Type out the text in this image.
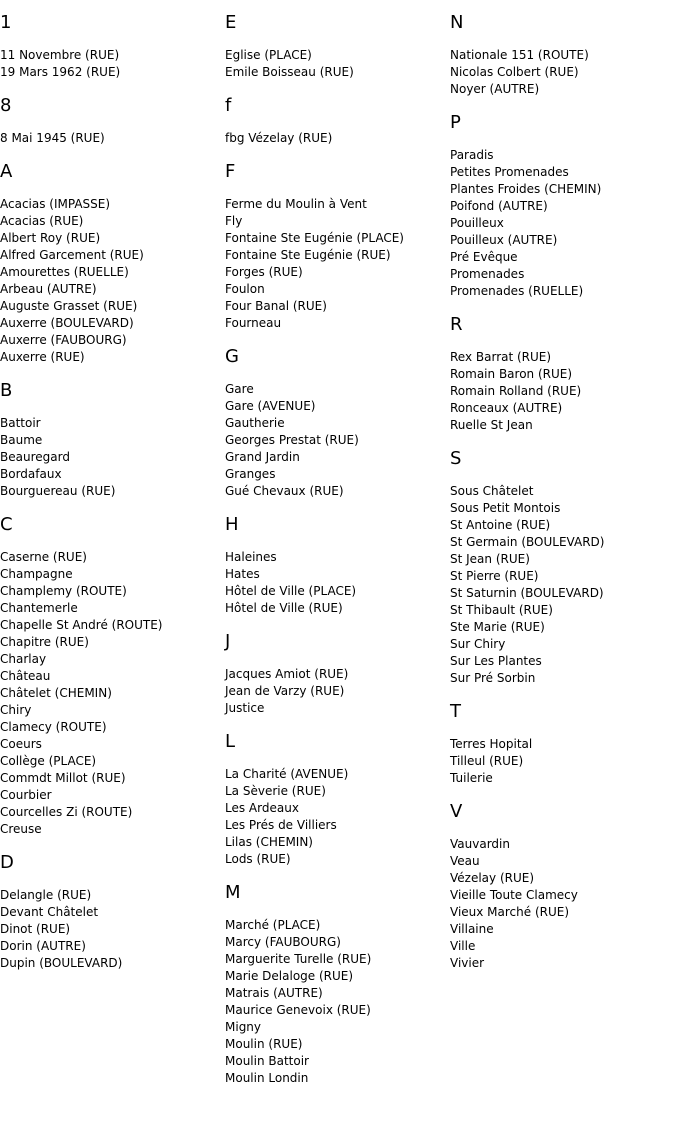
1
11 Novembre (RUE)
19 Mars 1962 (RUE)
8
8 Mai 1945 (RUE)
A
Acacias (IMPASSE)
Acacias (RUE)
Albert Roy (RUE)
Alfred Garcement (RUE)
Amourettes (RUELLE)
Arbeau (AUTRE)
Auguste Grasset (RUE)
Auxerre (BOULEVARD)
Auxerre (FAUBOURG)
Auxerre (RUE)
B
Battoir
Baume
Beauregard
Bordafaux
Bourguereau (RUE)
C
Caserne (RUE)
Champagne
Champlemy (ROUTE)
Chantemerle
Chapelle St André (ROUTE)
Chapitre (RUE)
Charlay
Château
Châtelet (CHEMIN)
Chiry
Clamecy (ROUTE)
Coeurs
Collège (PLACE)
Commdt Millot (RUE)
Courbier
Courcelles Zi (ROUTE)
Creuse
D
Delangle (RUE)
Devant Châtelet
Dinot (RUE)
Dorin (AUTRE)
Dupin (BOULEVARD)
E
Eglise (PLACE)
Emile Boisseau (RUE)
f
fbg Vézelay (RUE)
F
Ferme du Moulin à Vent
Fly
Fontaine Ste Eugénie (PLACE)
Fontaine Ste Eugénie (RUE)
Forges (RUE)
Foulon
Four Banal (RUE)
Fourneau
G
Gare
Gare (AVENUE)
Gautherie
Georges Prestat (RUE)
Grand Jardin
Granges
Gué Chevaux (RUE)
H
Haleines
Hates
Hôtel de Ville (PLACE)
Hôtel de Ville (RUE)
J
Jacques Amiot (RUE)
Jean de Varzy (RUE)
Justice
L
La Charité (AVENUE)
La Sèverie (RUE)
Les Ardeaux
Les Prés de Villiers
Lilas (CHEMIN)
Lods (RUE)
M
Marché (PLACE)
Marcy (FAUBOURG)
Marguerite Turelle (RUE)
Marie Delaloge (RUE)
Matrais (AUTRE)
Maurice Genevoix (RUE)
Migny
Moulin (RUE)
Moulin Battoir
Moulin Londin
N
Nationale 151 (ROUTE)
Nicolas Colbert (RUE)
Noyer (AUTRE)
P
Paradis
Petites Promenades
Plantes Froides (CHEMIN)
Poifond (AUTRE)
Pouilleux
Pouilleux (AUTRE)
Pré Evêque
Promenades
Promenades (RUELLE)
R
Rex Barrat (RUE)
Romain Baron (RUE)
Romain Rolland (RUE)
Ronceaux (AUTRE)
Ruelle St Jean
S
Sous Châtelet
Sous Petit Montois
St Antoine (RUE)
St Germain (BOULEVARD)
St Jean (RUE)
St Pierre (RUE)
St Saturnin (BOULEVARD)
St Thibault (RUE)
Ste Marie (RUE)
Sur Chiry
Sur Les Plantes
Sur Pré Sorbin
T
Terres Hopital
Tilleul (RUE)
Tuilerie
V
Vauvardin
Veau
Vézelay (RUE)
Vieille Toute Clamecy
Vieux Marché (RUE)
Villaine
Ville
Vivier
